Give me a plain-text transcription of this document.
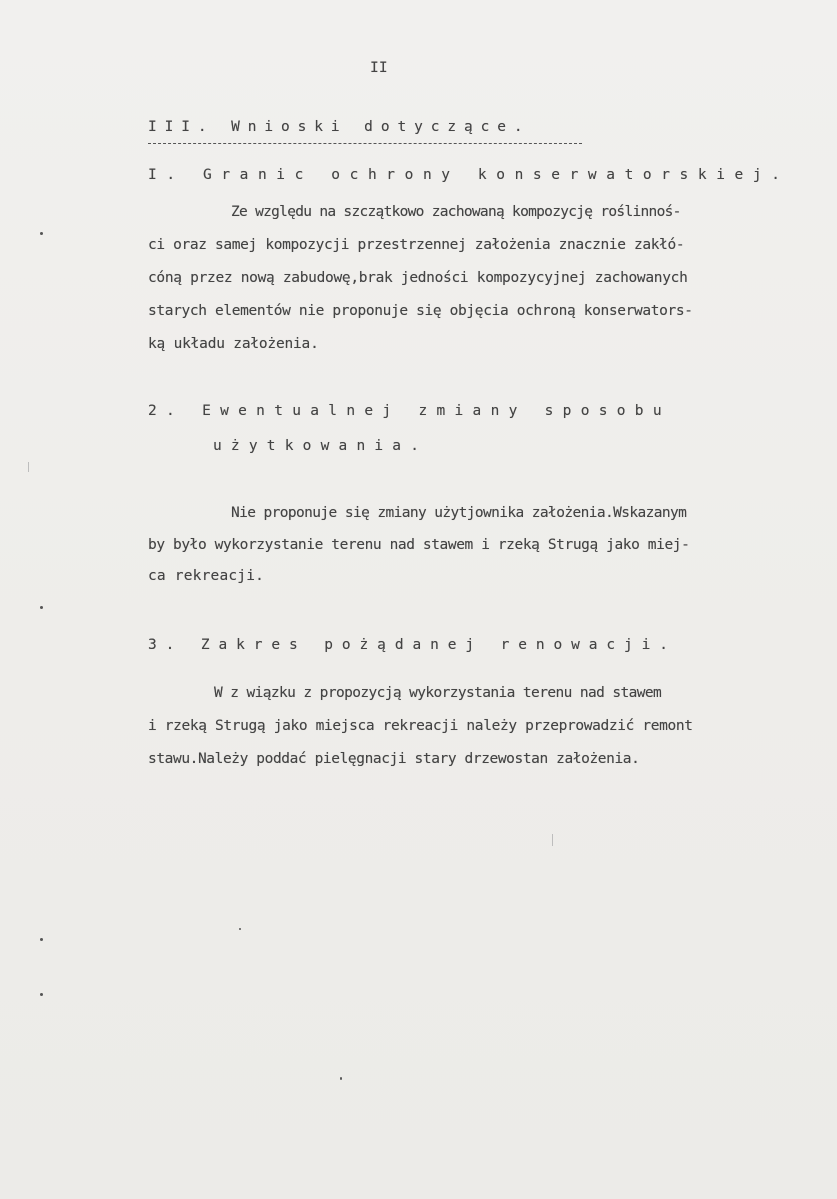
II
III. Wnioski dotyczące.
I. Granic ochrony konserwatorskiej.
Ze względu na szczątkowo zachowaną kompozycję roślinnoś-
ci oraz samej kompozycji przestrzennej założenia znacznie zakłó-
cóną przez nową zabudowę,brak jedności kompozycyjnej zachowanych
starych elementów nie proponuje się objęcia ochroną konserwators-
ką układu założenia.
2. Ewentualnej zmiany sposobu
użytkowania.
Nie proponuje się zmiany użytjownika założenia.Wskazanym
by było wykorzystanie terenu nad stawem i rzeką Strugą jako miej-
ca rekreacji.
3. Zakres pożądanej renowacji.
W z wiązku z propozycją wykorzystania terenu nad stawem
i rzeką Strugą jako miejsca rekreacji należy przeprowadzić remont
stawu.Należy poddać pielęgnacji stary drzewostan założenia.
